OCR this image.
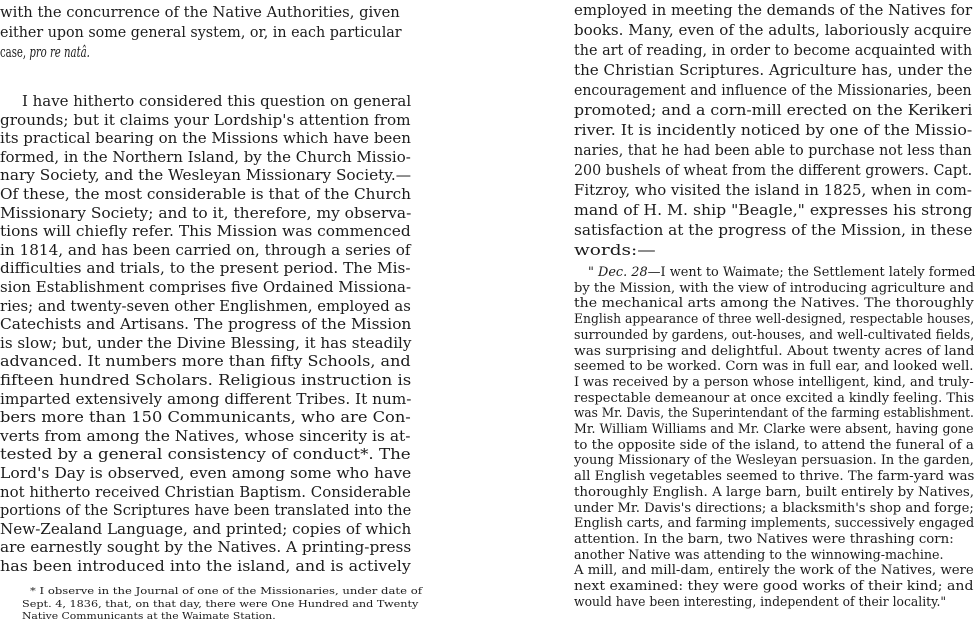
with the concurrence of the Native Authorities, given
either upon some general system, or, in each particular
case, pro re natâ.
I have hitherto considered this question on general
grounds; but it claims your Lordship's attention from
its practical bearing on the Missions which have been
formed, in the Northern Island, by the Church Missio-
nary Society, and the Wesleyan Missionary Society.—
Of these, the most considerable is that of the Church
Missionary Society; and to it, therefore, my observa-
tions will chiefly refer. This Mission was commenced
in 1814, and has been carried on, through a series of
difficulties and trials, to the present period. The Mis-
sion Establishment comprises five Ordained Missiona-
ries; and twenty-seven other Englishmen, employed as
Catechists and Artisans. The progress of the Mission
is slow; but, under the Divine Blessing, it has steadily
advanced. It numbers more than fifty Schools, and
fifteen hundred Scholars. Religious instruction is
imparted extensively among different Tribes. It num-
bers more than 150 Communicants, who are Con-
verts from among the Natives, whose sincerity is at-
tested by a general consistency of conduct*. The
Lord's Day is observed, even among some who have
not hitherto received Christian Baptism. Considerable
portions of the Scriptures have been translated into the
New-Zealand Language, and printed; copies of which
are earnestly sought by the Natives. A printing-press
has been introduced into the island, and is actively
* I observe in the Journal of one of the Missionaries, under date of
Sept. 4, 1836, that, on that day, there were One Hundred and Twenty
Native Communicants at the Waimate Station.
employed in meeting the demands of the Natives for
books. Many, even of the adults, laboriously acquire
the art of reading, in order to become acquainted with
the Christian Scriptures. Agriculture has, under the
encouragement and influence of the Missionaries, been
promoted; and a corn-mill erected on the Kerikeri
river. It is incidently noticed by one of the Missio-
naries, that he had been able to purchase not less than
200 bushels of wheat from the different growers. Capt.
Fitzroy, who visited the island in 1825, when in com-
mand of H. M. ship "Beagle," expresses his strong
satisfaction at the progress of the Mission, in these
words:—
" Dec. 28—I went to Waimate; the Settlement lately formed
by the Mission, with the view of introducing agriculture and
the mechanical arts among the Natives. The thoroughly
English appearance of three well-designed, respectable houses,
surrounded by gardens, out-houses, and well-cultivated fields,
was surprising and delightful. About twenty acres of land
seemed to be worked. Corn was in full ear, and looked well.
I was received by a person whose intelligent, kind, and truly-
respectable demeanour at once excited a kindly feeling. This
was Mr. Davis, the Superintendant of the farming establishment.
Mr. William Williams and Mr. Clarke were absent, having gone
to the opposite side of the island, to attend the funeral of a
young Missionary of the Wesleyan persuasion. In the garden,
all English vegetables seemed to thrive. The farm-yard was
thoroughly English. A large barn, built entirely by Natives,
under Mr. Davis's directions; a blacksmith's shop and forge;
English carts, and farming implements, successively engaged
attention. In the barn, two Natives were thrashing corn:
another Native was attending to the winnowing-machine.
A mill, and mill-dam, entirely the work of the Natives, were
next examined: they were good works of their kind; and
would have been interesting, independent of their locality."
